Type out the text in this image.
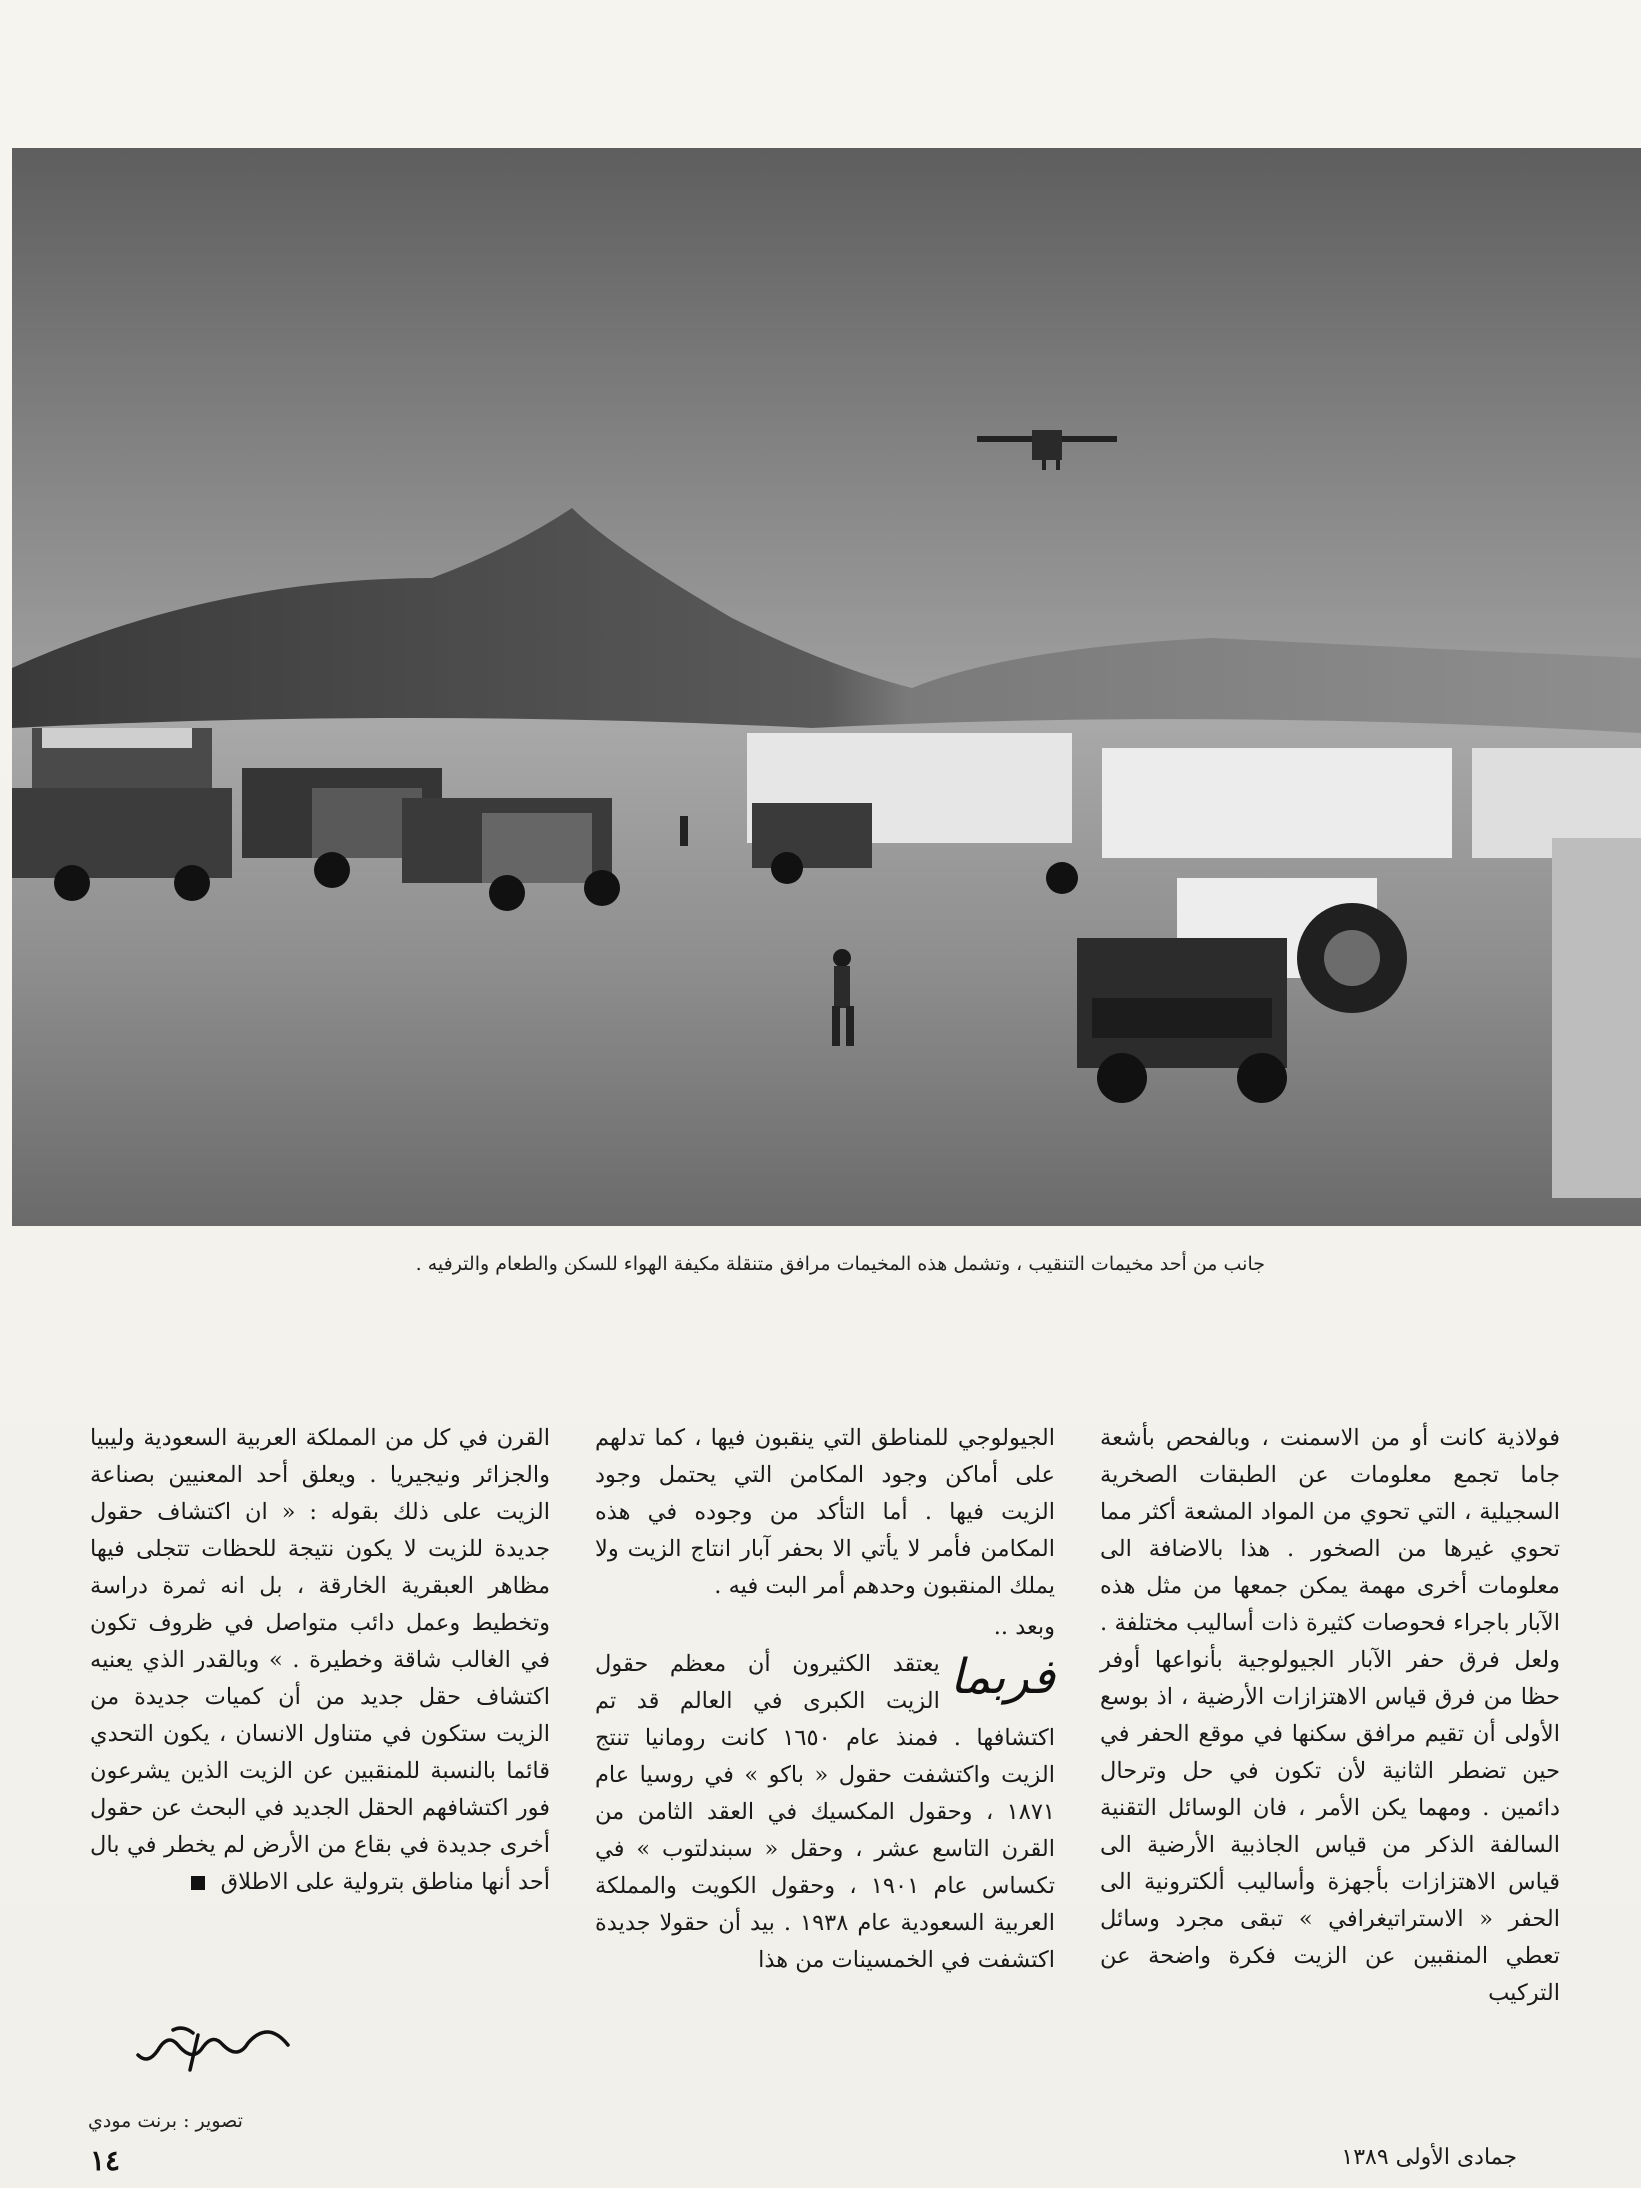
جانب من أحد مخيمات التنقيب ، وتشمل هذه المخيمات مرافق متنقلة مكيفة الهواء للسكن والطعام والترفيه .

فولاذية كانت أو من الاسمنت ، وبالفحص بأشعة جاما تجمع معلومات عن الطبقات الصخرية السجيلية ، التي تحوي من المواد المشعة أكثر مما تحوي غيرها من الصخور . هذا بالاضافة الى معلومات أخرى مهمة يمكن جمعها من مثل هذه الآبار باجراء فحوصات كثيرة ذات أساليب مختلفة . ولعل فرق حفر الآبار الجيولوجية بأنواعها أوفر حظا من فرق قياس الاهتزازات الأرضية ، اذ بوسع الأولى أن تقيم مرافق سكنها في موقع الحفر في حين تضطر الثانية لأن تكون في حل وترحال دائمين . ومهما يكن الأمر ، فان الوسائل التقنية السالفة الذكر من قياس الجاذبية الأرضية الى قياس الاهتزازات بأجهزة وأساليب ألكترونية الى الحفر « الاستراتيغرافي » تبقى مجرد وسائل تعطي المنقبين عن الزيت فكرة واضحة عن التركيب

الجيولوجي للمناطق التي ينقبون فيها ، كما تدلهم على أماكن وجود المكامن التي يحتمل وجود الزيت فيها . أما التأكد من وجوده في هذه المكامن فأمر لا يأتي الا بحفر آبار انتاج الزيت ولا يملك المنقبون وحدهم أمر البت فيه .

وبعد ..

فربما
يعتقد الكثيرون أن معظم حقول الزيت الكبرى في العالم قد تم اكتشافها . فمنذ عام ١٦٥٠ كانت رومانيا تنتج الزيت واكتشفت حقول « باكو » في روسيا عام ١٨٧١ ، وحقول المكسيك في العقد الثامن من القرن التاسع عشر ، وحقل « سبندلتوب » في تكساس عام ١٩٠١ ، وحقول الكويت والمملكة العربية السعودية عام ١٩٣٨ . بيد أن حقولا جديدة اكتشفت في الخمسينات من هذا

القرن في كل من المملكة العربية السعودية وليبيا والجزائر ونيجيريا . ويعلق أحد المعنيين بصناعة الزيت على ذلك بقوله : « ان اكتشاف حقول جديدة للزيت لا يكون نتيجة للحظات تتجلى فيها مظاهر العبقرية الخارقة ، بل انه ثمرة دراسة وتخطيط وعمل دائب متواصل في ظروف تكون في الغالب شاقة وخطيرة . » وبالقدر الذي يعنيه اكتشاف حقل جديد من أن كميات جديدة من الزيت ستكون في متناول الانسان ، يكون التحدي قائما بالنسبة للمنقبين عن الزيت الذين يشرعون فور اكتشافهم الحقل الجديد في البحث عن حقول أخرى جديدة في بقاع من الأرض لم يخطر في بال أحد أنها مناطق بترولية على الاطلاق

تصوير : برنت مودي
١٤	جمادى الأولى ١٣٨٩
